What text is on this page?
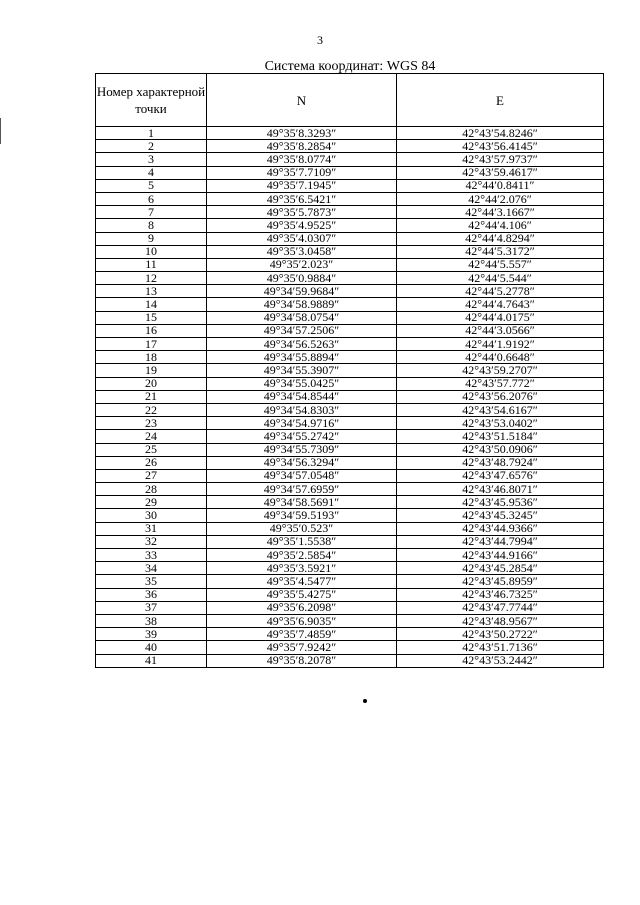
3
Система координат: WGS 84
Номер характерной точки	N	E
1	49°35′8.3293″	42°43′54.8246″
2	49°35′8.2854″	42°43′56.4145″
3	49°35′8.0774″	42°43′57.9737″
4	49°35′7.7109″	42°43′59.4617″
5	49°35′7.1945″	42°44′0.8411″
6	49°35′6.5421″	42°44′2.076″
7	49°35′5.7873″	42°44′3.1667″
8	49°35′4.9525″	42°44′4.106″
9	49°35′4.0307″	42°44′4.8294″
10	49°35′3.0458″	42°44′5.3172″
11	49°35′2.023″	42°44′5.557″
12	49°35′0.9884″	42°44′5.544″
13	49°34′59.9684″	42°44′5.2778″
14	49°34′58.9889″	42°44′4.7643″
15	49°34′58.0754″	42°44′4.0175″
16	49°34′57.2506″	42°44′3.0566″
17	49°34′56.5263″	42°44′1.9192″
18	49°34′55.8894″	42°44′0.6648″
19	49°34′55.3907″	42°43′59.2707″
20	49°34′55.0425″	42°43′57.772″
21	49°34′54.8544″	42°43′56.2076″
22	49°34′54.8303″	42°43′54.6167″
23	49°34′54.9716″	42°43′53.0402″
24	49°34′55.2742″	42°43′51.5184″
25	49°34′55.7309″	42°43′50.0906″
26	49°34′56.3294″	42°43′48.7924″
27	49°34′57.0548″	42°43′47.6576″
28	49°34′57.6959″	42°43′46.8071″
29	49°34′58.5691″	42°43′45.9536″
30	49°34′59.5193″	42°43′45.3245″
31	49°35′0.523″	42°43′44.9366″
32	49°35′1.5538″	42°43′44.7994″
33	49°35′2.5854″	42°43′44.9166″
34	49°35′3.5921″	42°43′45.2854″
35	49°35′4.5477″	42°43′45.8959″
36	49°35′5.4275″	42°43′46.7325″
37	49°35′6.2098″	42°43′47.7744″
38	49°35′6.9035″	42°43′48.9567″
39	49°35′7.4859″	42°43′50.2722″
40	49°35′7.9242″	42°43′51.7136″
41	49°35′8.2078″	42°43′53.2442″
